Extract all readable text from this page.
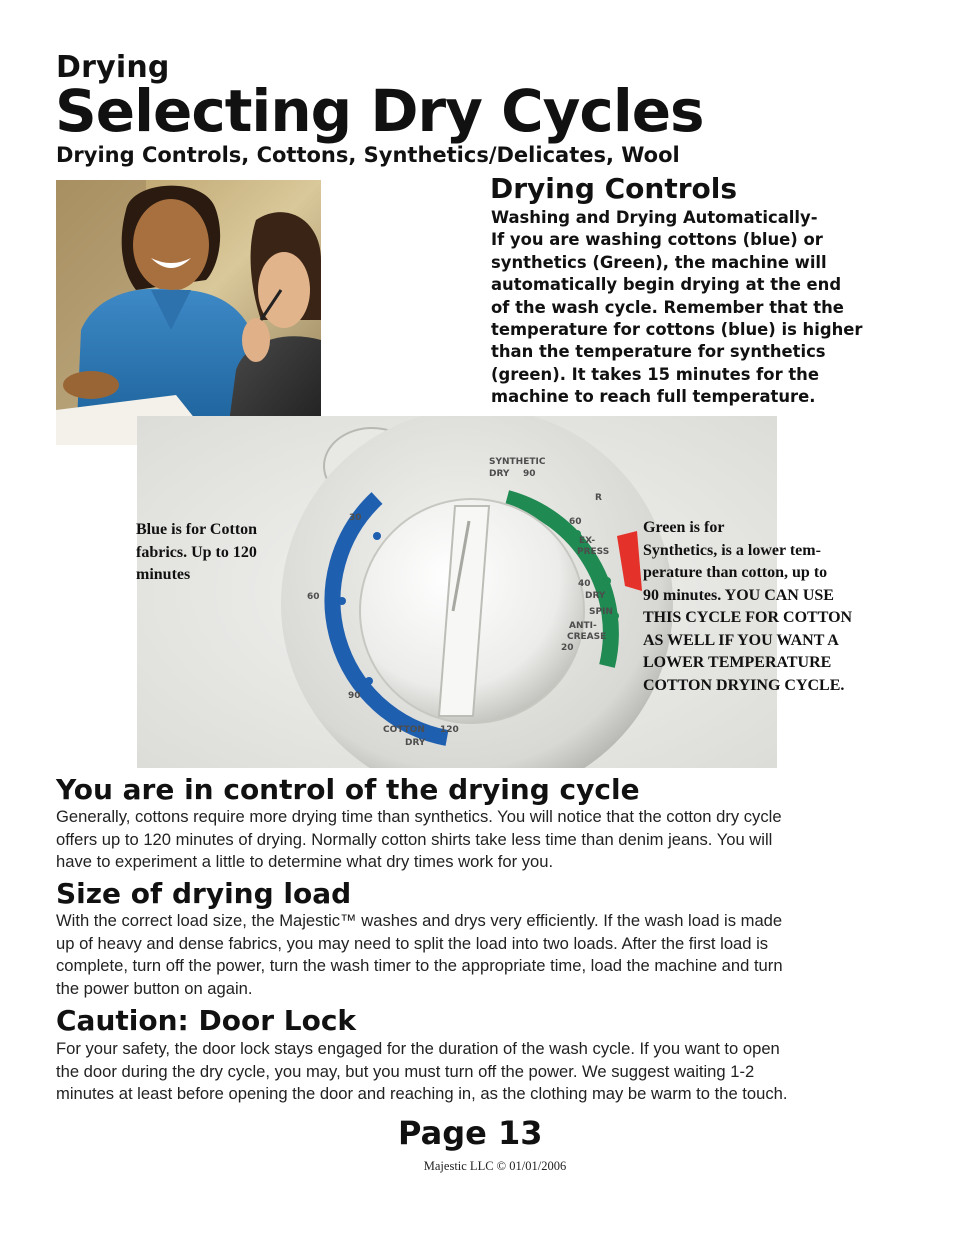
Drying
Selecting Dry Cycles
Drying Controls, Cottons, Synthetics/Delicates, Wool
Drying Controls
Washing and Drying Automatically-
If you are washing cottons (blue) or
synthetics (Green), the machine will
automatically begin drying at the end
of the wash cycle. Remember that the
temperature for cottons (blue) is higher
than the temperature for synthetics
(green). It takes 15 minutes for the
machine to reach full temperature.
SYNTHETIC
DRY 90
R
30
60
90
COTTON 120
DRY
60
EX-
PRESS
40
DRY
SPIN
ANTI-
CREASE
20
Blue is for Cotton
fabrics. Up to 120
minutes
Green is for
Synthetics, is a lower tem-
perature than cotton, up to
90 minutes. YOU CAN USE
THIS CYCLE FOR COTTON
AS WELL IF YOU WANT A
LOWER TEMPERATURE
COTTON DRYING CYCLE.
You are in control of the drying cycle
Generally, cottons require more drying time than synthetics. You will notice that the cotton dry cycle
offers up to 120 minutes of drying. Normally cotton shirts take less time than denim jeans. You will
have to experiment a little to determine what dry times work for you.
Size of drying load
With the correct load size, the Majestic™ washes and drys very efficiently. If the wash load is made
up of heavy and dense fabrics, you may need to split the load into two loads. After the first load is
complete, turn off the power, turn the wash timer to the appropriate time, load the machine and turn
the power button on again.
Caution: Door Lock
For your safety, the door lock stays engaged for the duration of the wash cycle. If you want to open
the door during the dry cycle, you may, but you must turn off the power. We suggest waiting 1-2
minutes at least before opening the door and reaching in, as the clothing may be warm to the touch.
Page 13
Majestic LLC © 01/01/2006
